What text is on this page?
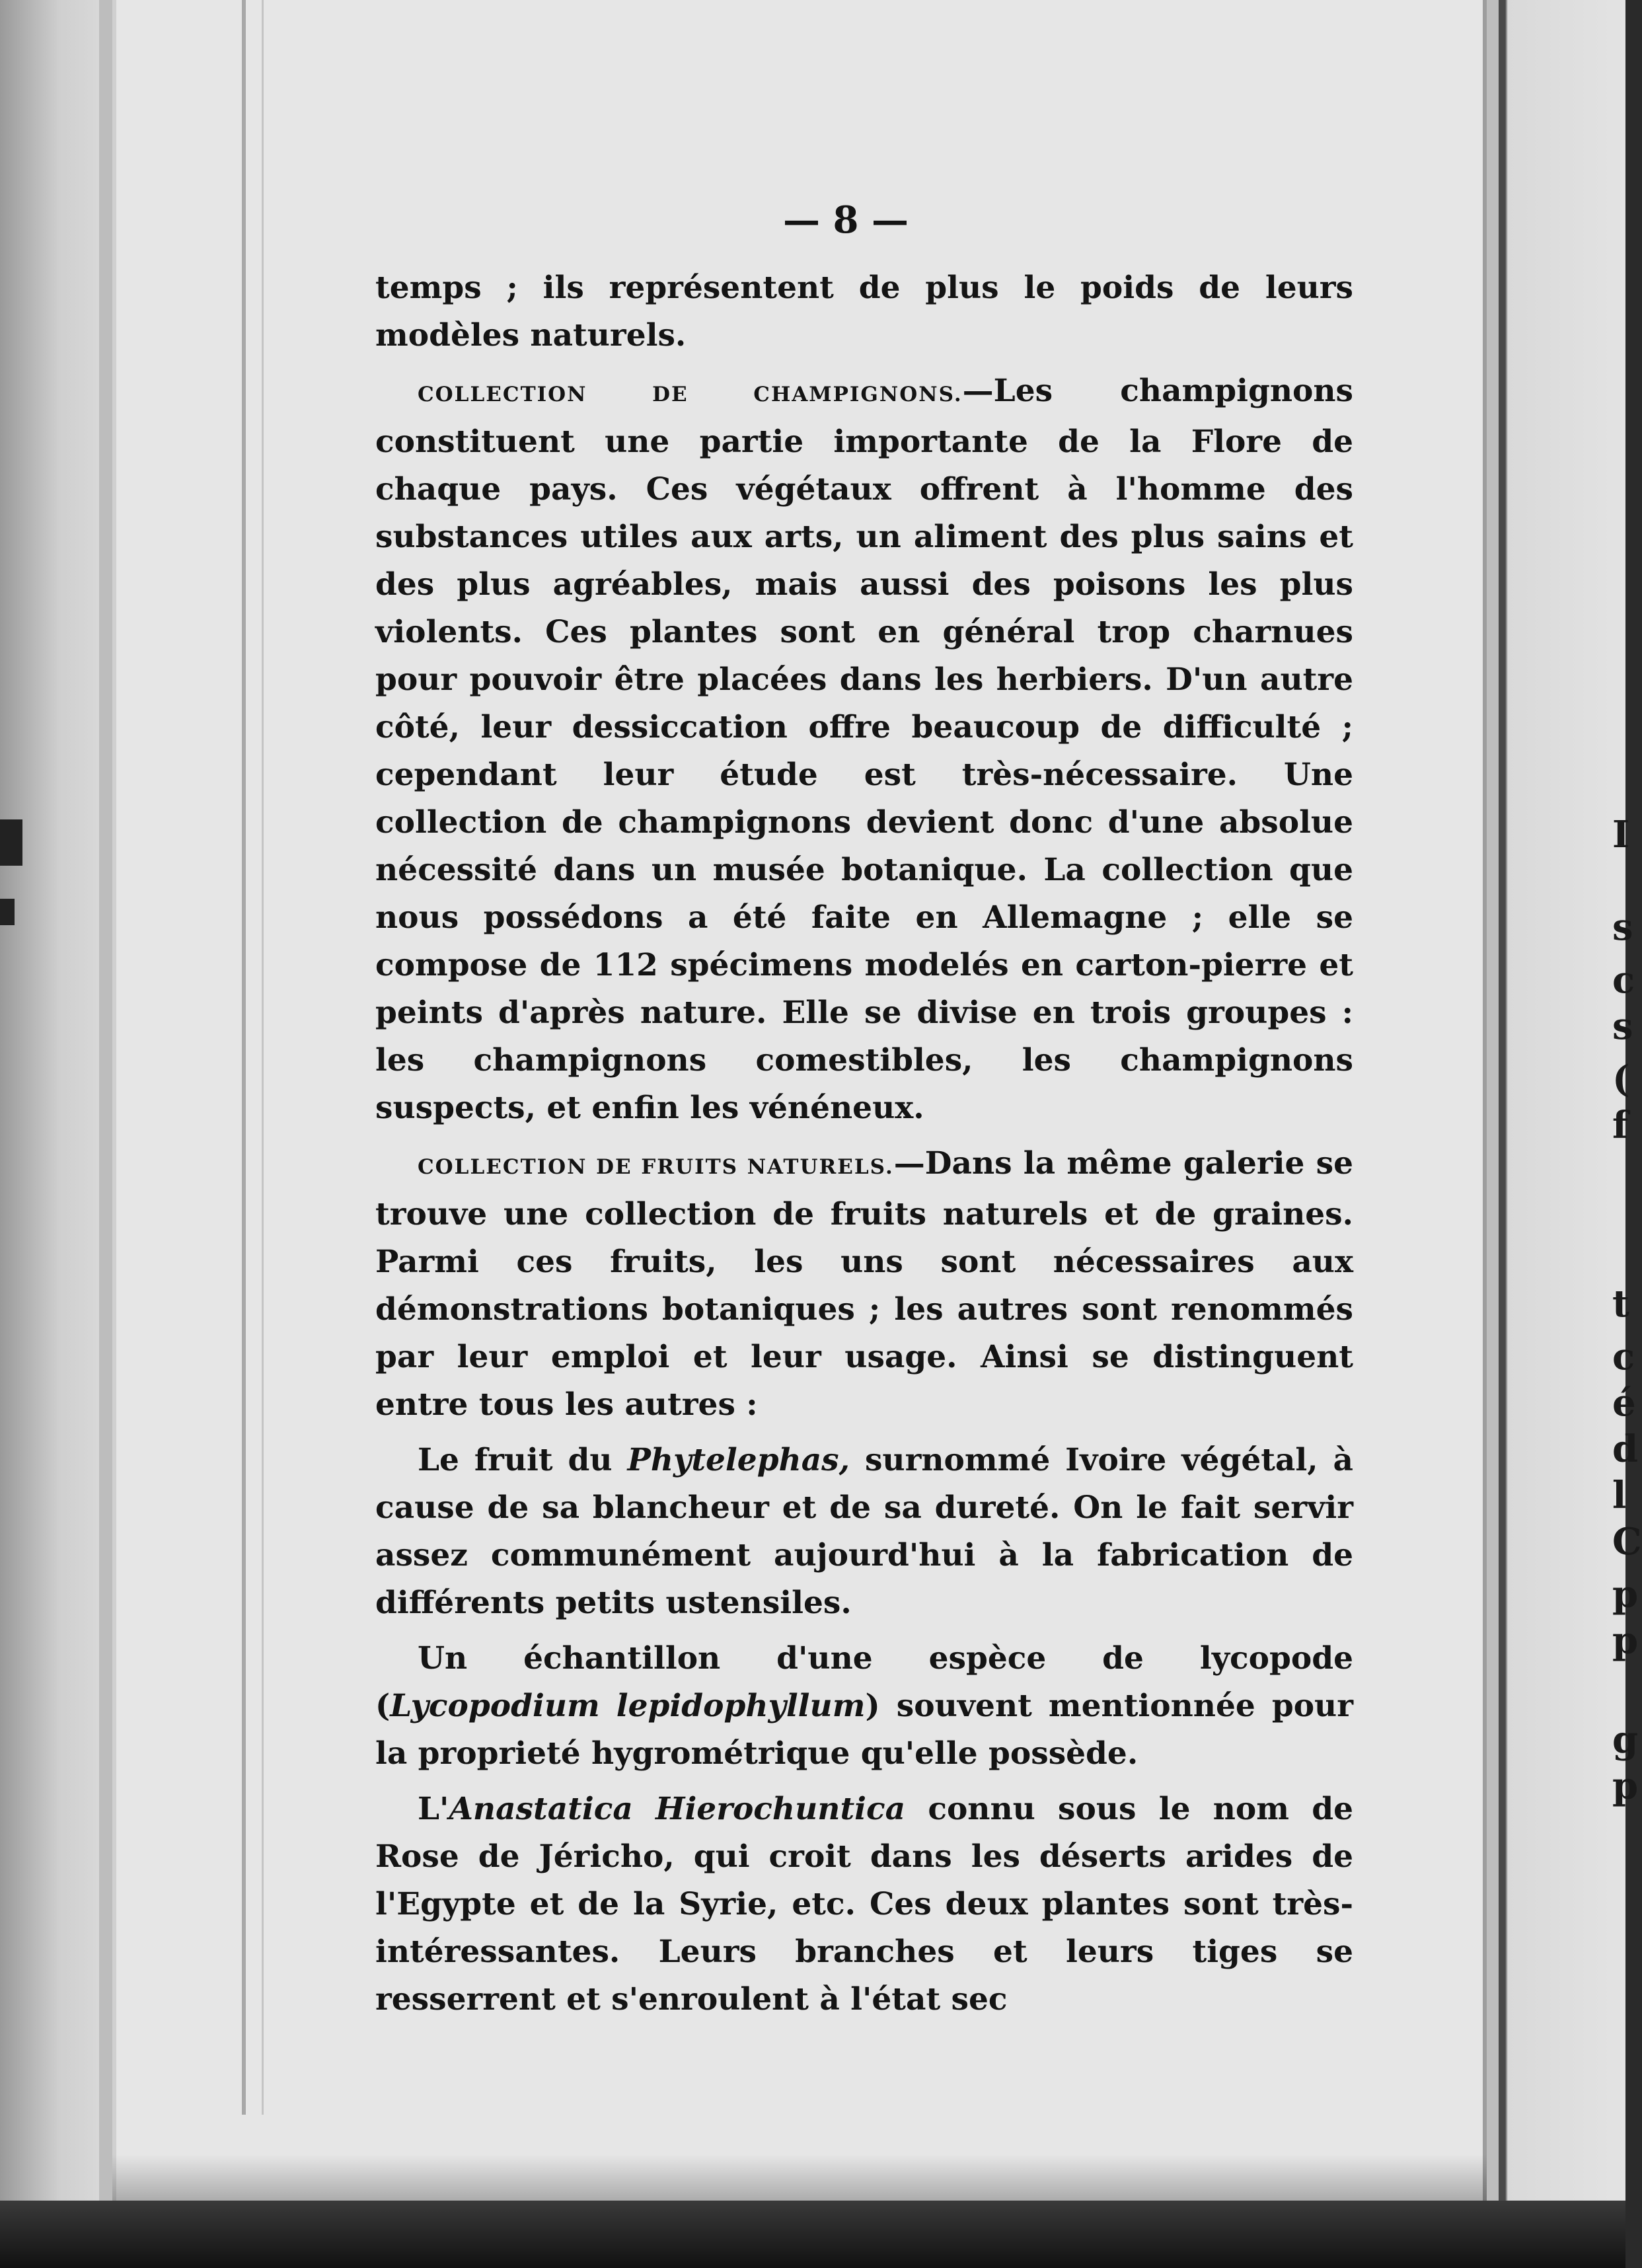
— 8 —

temps ; ils représentent de plus le poids de leurs modèles naturels.

COLLECTION DE CHAMPIGNONS.—Les champignons constituent une partie importante de la Flore de chaque pays. Ces végétaux offrent à l'homme des substances utiles aux arts, un aliment des plus sains et des plus agréables, mais aussi des poisons les plus violents. Ces plantes sont en général trop charnues pour pouvoir être placées dans les herbiers. D'un autre côté, leur dessiccation offre beaucoup de difficulté ; cependant leur étude est très-nécessaire. Une collection de champignons devient donc d'une absolue nécessité dans un musée botanique. La collection que nous possédons a été faite en Allemagne ; elle se compose de 112 spécimens modelés en carton-pierre et peints d'après nature. Elle se divise en trois groupes : les champignons comestibles, les champignons suspects, et enfin les vénéneux.

COLLECTION DE FRUITS NATURELS.—Dans la même galerie se trouve une collection de fruits naturels et de graines. Parmi ces fruits, les uns sont nécessaires aux démonstrations botaniques ; les autres sont renommés par leur emploi et leur usage. Ainsi se distinguent entre tous les autres :

Le fruit du Phytelephas, surnommé Ivoire végétal, à cause de sa blancheur et de sa dureté. On le fait servir assez communément aujourd'hui à la fabrication de différents petits ustensiles.

Un échantillon d'une espèce de lycopode (Lycopodium lepidophyllum) souvent mentionnée pour la proprieté hygrométrique qu'elle possède.

L'Anastatica Hierochuntica connu sous le nom de Rose de Jéricho, qui croit dans les déserts arides de l'Egypte et de la Syrie, etc. Ces deux plantes sont très-intéressantes. Leurs branches et leurs tiges se resserrent et s'enroulent à l'état sec

I
s
c
s
(
f
t
c
é
d
l
C
p
p
g
p
